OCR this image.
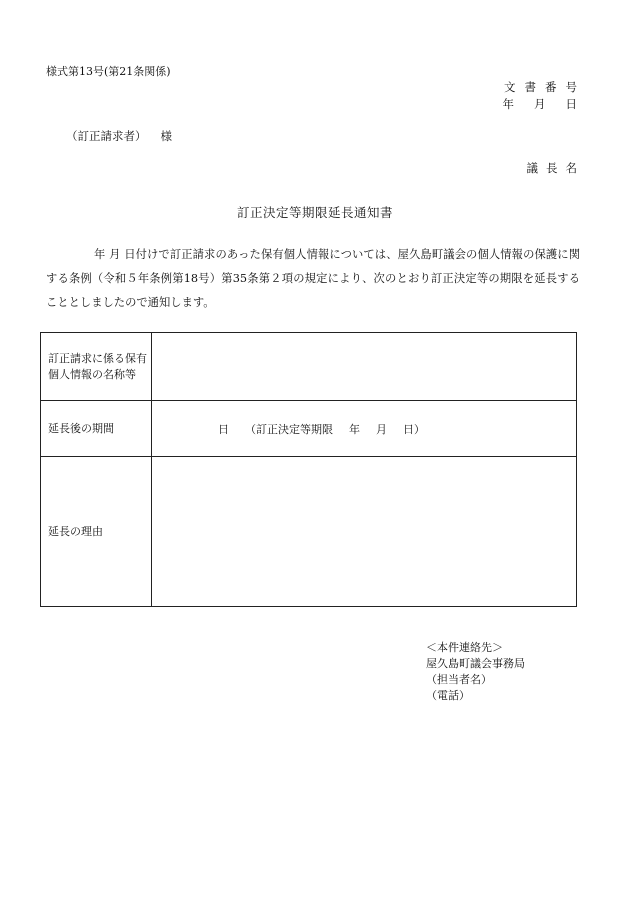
様式第13号(第21条関係)
文書番号
年 月 日
（訂正請求者） 様
議長名
訂正決定等期限延長通知書
年 月 日付けで訂正請求のあった保有個人情報については、屋久島町議会の個人情報の保護に関する条例（令和５年条例第18号）第35条第２項の規定により、次のとおり訂正決定等の期限を延長することとしましたので通知します。
訂正請求に係る保有個人情報の名称等	
延長後の期間	日 （訂正決定等期限 年 月 日）

延長の理由	
＜本件連絡先＞
屋久島町議会事務局
（担当者名）
（電話）
